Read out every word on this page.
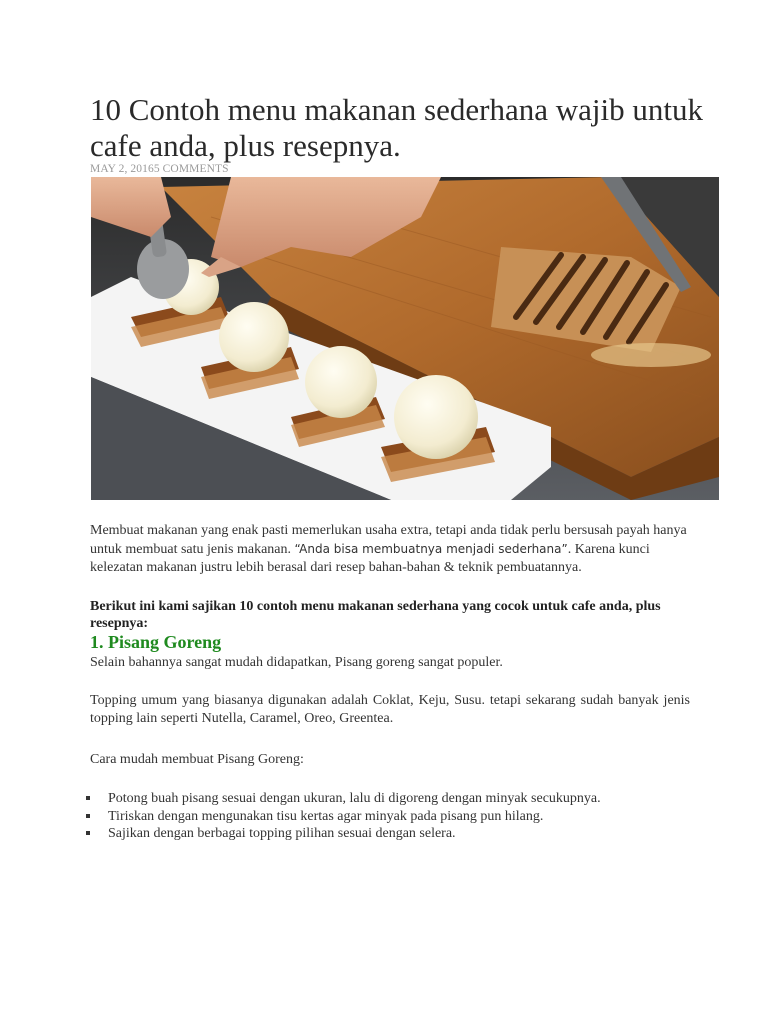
10 Contoh menu makanan sederhana wajib untuk cafe anda, plus resepnya.
MAY 2, 20165 COMMENTS

Membuat makanan yang enak pasti memerlukan usaha extra, tetapi anda tidak perlu bersusah payah hanya untuk membuat satu jenis makanan. “Anda bisa membuatnya menjadi sederhana”. Karena kunci kelezatan makanan justru lebih berasal dari resep bahan-bahan & teknik pembuatannya.

Berikut ini kami sajikan 10 contoh menu makanan sederhana yang cocok untuk cafe anda, plus resepnya:

1. Pisang Goreng

Selain bahannya sangat mudah didapatkan, Pisang goreng sangat populer.

Topping umum yang biasanya digunakan adalah Coklat, Keju, Susu. tetapi sekarang sudah banyak jenis topping lain seperti Nutella, Caramel, Oreo, Greentea.

Cara mudah membuat Pisang Goreng:

Potong buah pisang sesuai dengan ukuran, lalu di digoreng dengan minyak secukupnya.
Tiriskan dengan mengunakan tisu kertas agar minyak pada pisang pun hilang.
Sajikan dengan berbagai topping pilihan sesuai dengan selera.
